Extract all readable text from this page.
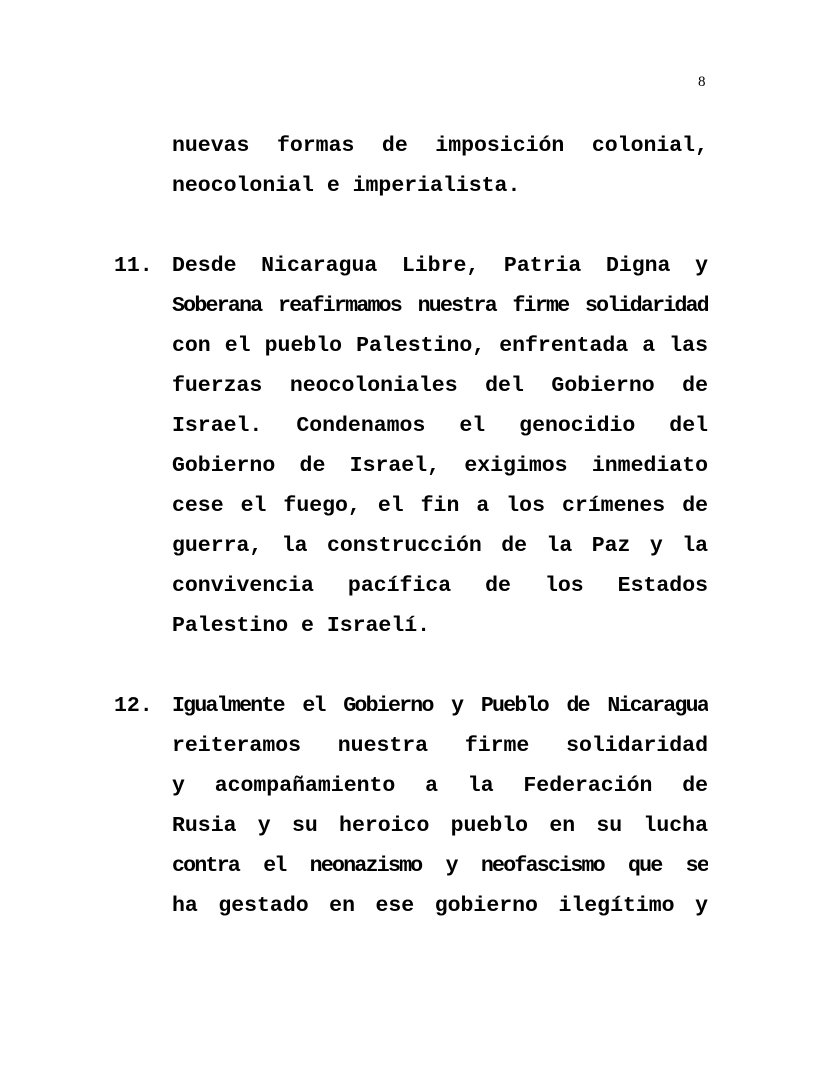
8
nuevas formas de imposición colonial,
neocolonial e imperialista.
11. Desde Nicaragua Libre, Patria Digna y
Soberana reafirmamos nuestra firme solidaridad
con el pueblo Palestino, enfrentada a las
fuerzas neocoloniales del Gobierno de
Israel. Condenamos el genocidio del
Gobierno de Israel, exigimos inmediato
cese el fuego, el fin a los crímenes de
guerra, la construcción de la Paz y la
convivencia pacífica de los Estados
Palestino e Israelí.
12. Igualmente el Gobierno y Pueblo de Nicaragua
reiteramos nuestra firme solidaridad
y acompañamiento a la Federación de
Rusia y su heroico pueblo en su lucha
contra el neonazismo y neofascismo que se
ha gestado en ese gobierno ilegítimo y
